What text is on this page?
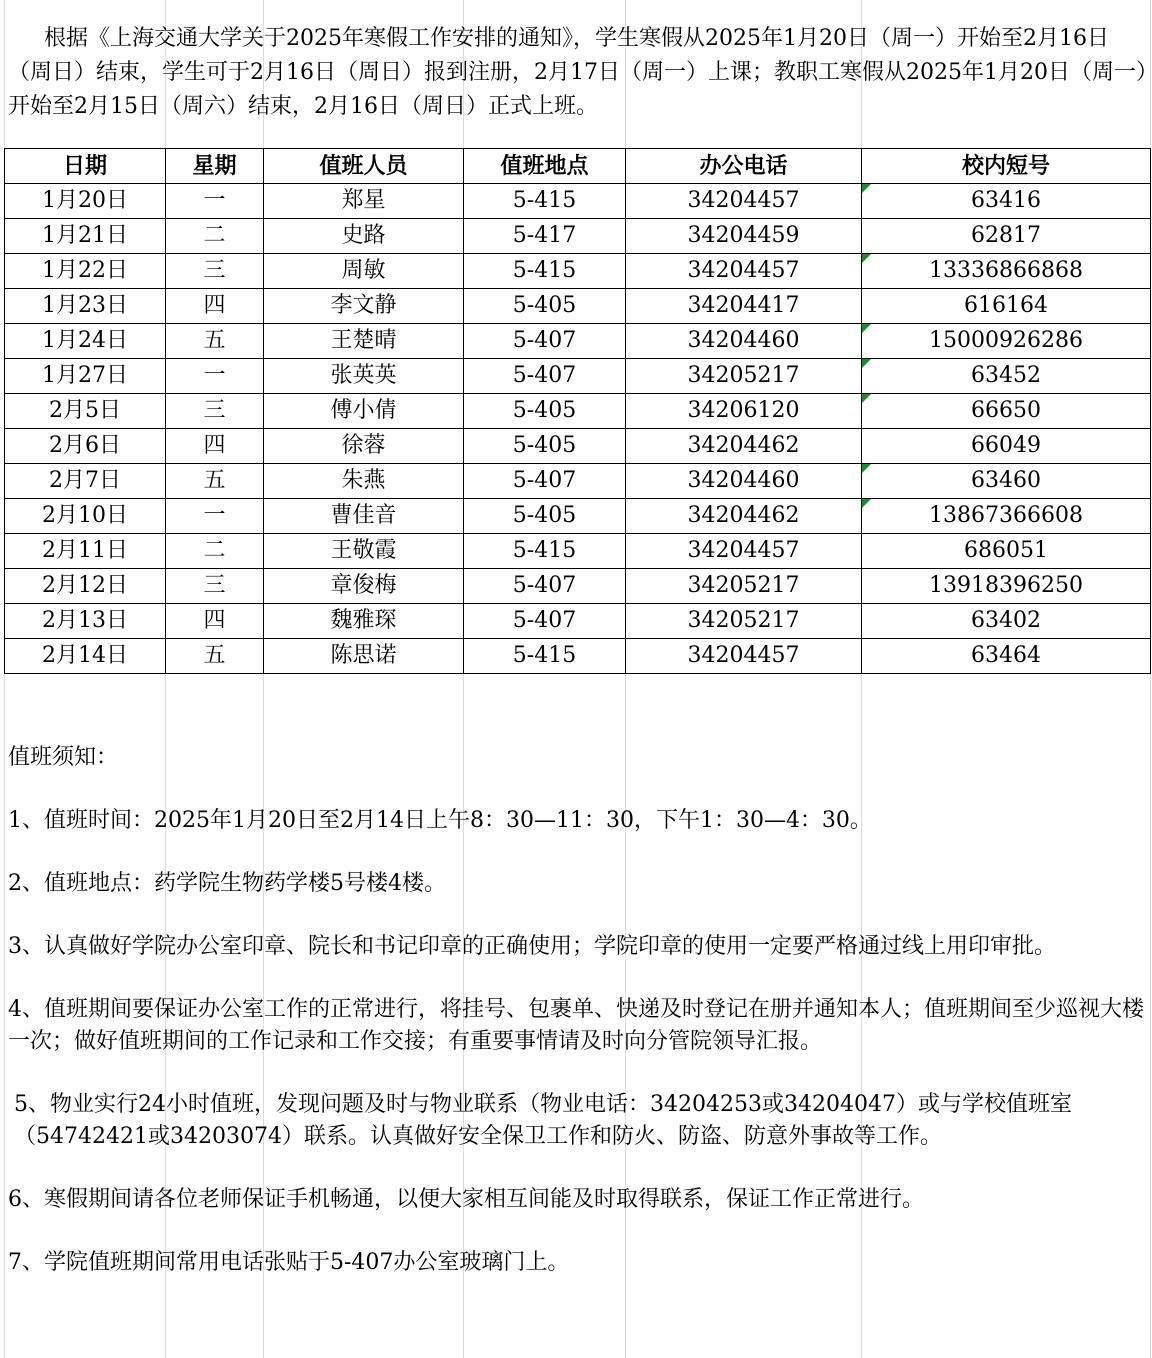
根据《上海交通大学关于2025年寒假工作安排的通知》，学生寒假从2025年1月20日（周一）开始至2月16日（周日）结束，学生可于2月16日（周日）报到注册，2月17日（周一）上课；教职工寒假从2025年1月20日（周一）开始至2月15日（周六）结束，2月16日（周日）正式上班。
日期	星期	值班人员	值班地点	办公电话	校内短号
1月20日	一	郑星	5-415	34204457	63416

1月21日	二	史路	5-417	34204459	62817
1月22日	三	周敏	5-415	34204457	13336866868

1月23日	四	李文静	5-405	34204417	616164
1月24日	五	王楚晴	5-407	34204460	15000926286

1月27日	一	张英英	5-407	34205217	63452

2月5日	三	傅小倩	5-405	34206120	66650

2月6日	四	徐蓉	5-405	34204462	66049
2月7日	五	朱燕	5-407	34204460	63460

2月10日	一	曹佳音	5-405	34204462	13867366608

2月11日	二	王敬霞	5-415	34204457	686051
2月12日	三	章俊梅	5-407	34205217	13918396250
2月13日	四	魏雅琛	5-407	34205217	63402
2月14日	五	陈思诺	5-415	34204457	63464

值班须知：

1、值班时间：2025年1月20日至2月14日上午8：30—11：30，下午1：30—4：30。

2、值班地点：药学院生物药学楼5号楼4楼。

3、认真做好学院办公室印章、院长和书记印章的正确使用；学院印章的使用一定要严格通过线上用印审批。

4、值班期间要保证办公室工作的正常进行，将挂号、包裹单、快递及时登记在册并通知本人；值班期间至少巡视大楼一次；做好值班期间的工作记录和工作交接；有重要事情请及时向分管院领导汇报。

5、物业实行24小时值班，发现问题及时与物业联系（物业电话：34204253或34204047）或与学校值班室（54742421或34203074）联系。认真做好安全保卫工作和防火、防盗、防意外事故等工作。

6、寒假期间请各位老师保证手机畅通，以便大家相互间能及时取得联系，保证工作正常进行。

7、学院值班期间常用电话张贴于5-407办公室玻璃门上。
